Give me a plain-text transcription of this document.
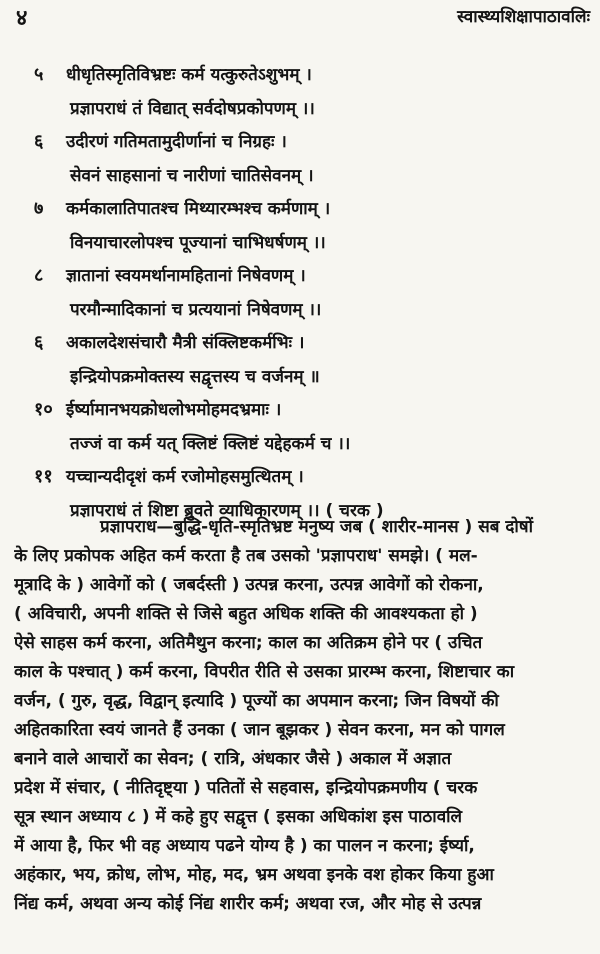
४	स्वास्थ्यशिक्षापाठावलिः
५	धीधृतिस्मृतिविभ्रष्टः कर्म यत्कुरुतेऽशुभम् ।
प्रज्ञापराधं तं विद्यात् सर्वदोषप्रकोपणम् ।।
६	उदीरणं गतिमतामुदीर्णानां च निग्रहः ।
सेवनं साहसानां च नारीणां चातिसेवनम् ।
७	कर्मकालातिपातश्च मिथ्यारम्भश्च कर्मणाम् ।
विनयाचारलोपश्च पूज्यानां चाभिधर्षणम् ।।
८	ज्ञातानां स्वयमर्थानामहितानां निषेवणम् ।
परमौन्मादिकानां च प्रत्ययानां निषेवणम् ।।
६	अकालदेशसंचारौ मैत्री संक्लिष्टकर्मभिः ।
इन्द्रियोपक्रमोक्तस्य सद्वृत्तस्य च वर्जनम् ॥
१० ईर्ष्यामानभयक्रोधलोभमोहमदभ्रमाः ।
तज्जं वा कर्म यत् क्लिष्टं क्लिष्टं यद्देहकर्म च ।।
११ यच्चान्यदीदृशं कर्म रजोमोहसमुत्थितम् ।
प्रज्ञापराधं तं शिष्टा ब्रुवते व्याधिकारणम् ।। ( चरक )
प्रज्ञापराध—बुद्धि-धृति-स्मृतिभ्रष्ट मनुष्य जब ( शारीर-मानस ) सब दोषों
के लिए प्रकोपक अहित कर्म करता है तब उसको 'प्रज्ञापराध' समझे। ( मल-
मूत्रादि के ) आवेगों को ( जबर्दस्ती ) उत्पन्न करना, उत्पन्न आवेगों को रोकना,
( अविचारी, अपनी शक्ति से जिसे बहुत अधिक शक्ति की आवश्यकता हो )
ऐसे साहस कर्म करना, अतिमैथुन करना; काल का अतिक्रम होने पर ( उचित
काल के पश्चात् ) कर्म करना, विपरीत रीति से उसका प्रारम्भ करना, शिष्टाचार का
वर्जन, ( गुरु, वृद्ध, विद्वान् इत्यादि ) पूज्यों का अपमान करना; जिन विषयों की
अहितकारिता स्वयं जानते हैं उनका ( जान बूझकर ) सेवन करना, मन को पागल
बनाने वाले आचारों का सेवन; ( रात्रि, अंधकार जैसे ) अकाल में अज्ञात
प्रदेश में संचार, ( नीतिदृष्ट्या ) पतितों से सहवास, इन्द्रियोपक्रमणीय ( चरक
सूत्र स्थान अध्याय ८ ) में कहे हुए सद्वृत्त ( इसका अधिकांश इस पाठावलि
में आया है, फिर भी वह अध्याय पढने योग्य है ) का पालन न करना; ईर्ष्या,
अहंकार, भय, क्रोध, लोभ, मोह, मद, भ्रम अथवा इनके वश होकर किया हुआ
निंद्य कर्म, अथवा अन्य कोई निंद्य शारीर कर्म; अथवा रज, और मोह से उत्पन्न
